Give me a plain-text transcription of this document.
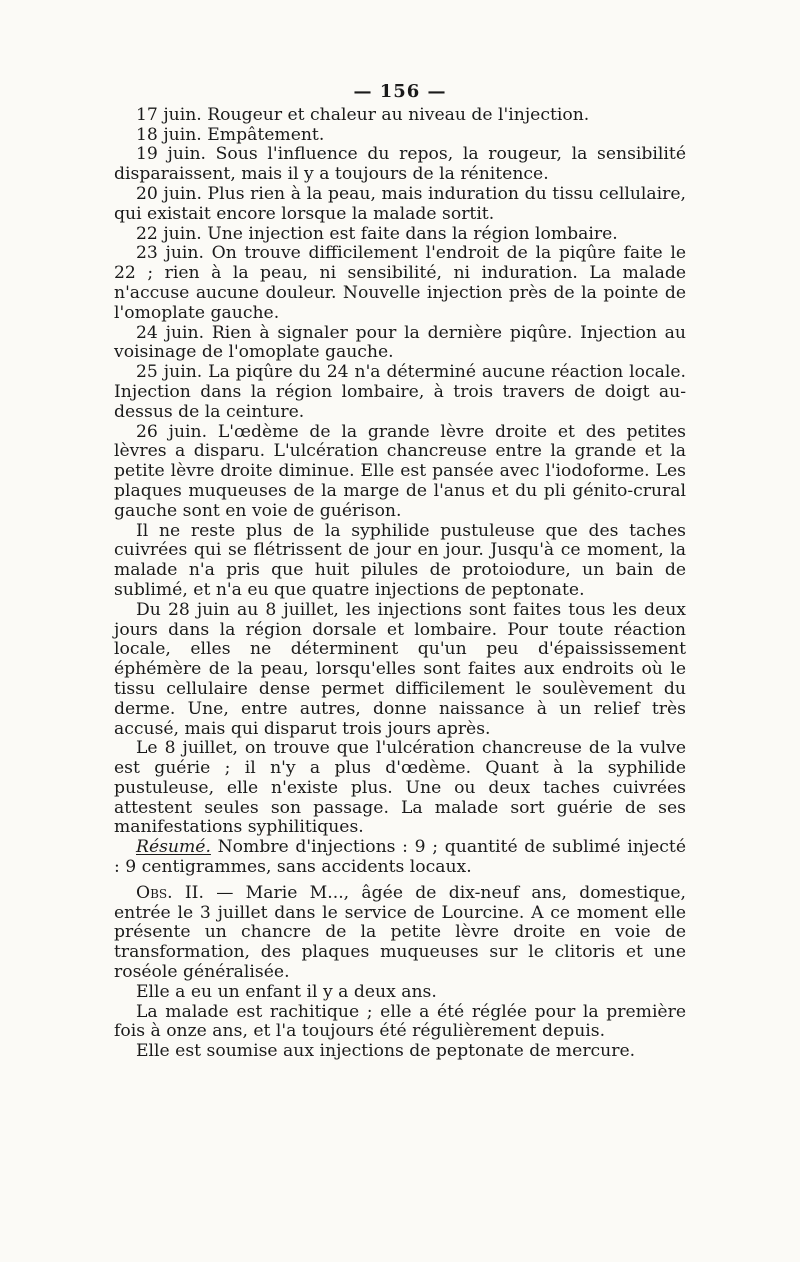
— 156 —

17 juin. Rougeur et chaleur au niveau de l'injection.

18 juin. Empâtement.

19 juin. Sous l'influence du repos, la rougeur, la sensibilité disparaissent, mais il y a toujours de la rénitence.

20 juin. Plus rien à la peau, mais induration du tissu cellulaire, qui existait encore lorsque la malade sortit.

22 juin. Une injection est faite dans la région lombaire.

23 juin. On trouve difficilement l'endroit de la piqûre faite le 22 ; rien à la peau, ni sensibilité, ni induration. La malade n'accuse aucune douleur. Nouvelle injection près de la pointe de l'omoplate gauche.

24 juin. Rien à signaler pour la dernière piqûre. Injection au voisinage de l'omoplate gauche.

25 juin. La piqûre du 24 n'a déterminé aucune réaction locale. Injection dans la région lombaire, à trois travers de doigt au-dessus de la ceinture.

26 juin. L'œdème de la grande lèvre droite et des petites lèvres a disparu. L'ulcération chancreuse entre la grande et la petite lèvre droite diminue. Elle est pansée avec l'iodoforme. Les plaques muqueuses de la marge de l'anus et du pli génito-crural gauche sont en voie de guérison.

Il ne reste plus de la syphilide pustuleuse que des taches cuivrées qui se flétrissent de jour en jour. Jusqu'à ce moment, la malade n'a pris que huit pilules de protoiodure, un bain de sublimé, et n'a eu que quatre injections de peptonate.

Du 28 juin au 8 juillet, les injections sont faites tous les deux jours dans la région dorsale et lombaire. Pour toute réaction locale, elles ne déterminent qu'un peu d'épaississement éphémère de la peau, lorsqu'elles sont faites aux endroits où le tissu cellulaire dense permet difficilement le soulèvement du derme. Une, entre autres, donne naissance à un relief très accusé, mais qui disparut trois jours après.

Le 8 juillet, on trouve que l'ulcération chancreuse de la vulve est guérie ; il n'y a plus d'œdème. Quant à la syphilide pustuleuse, elle n'existe plus. Une ou deux taches cuivrées attestent seules son passage. La malade sort guérie de ses manifestations syphilitiques.

Résumé. Nombre d'injections : 9 ; quantité de sublimé injecté : 9 centigrammes, sans accidents locaux.

Obs. II. — Marie M..., âgée de dix-neuf ans, domestique, entrée le 3 juillet dans le service de Lourcine. A ce moment elle présente un chancre de la petite lèvre droite en voie de transformation, des plaques muqueuses sur le clitoris et une roséole généralisée.

Elle a eu un enfant il y a deux ans.

La malade est rachitique ; elle a été réglée pour la première fois à onze ans, et l'a toujours été régulièrement depuis.

Elle est soumise aux injections de peptonate de mercure.
